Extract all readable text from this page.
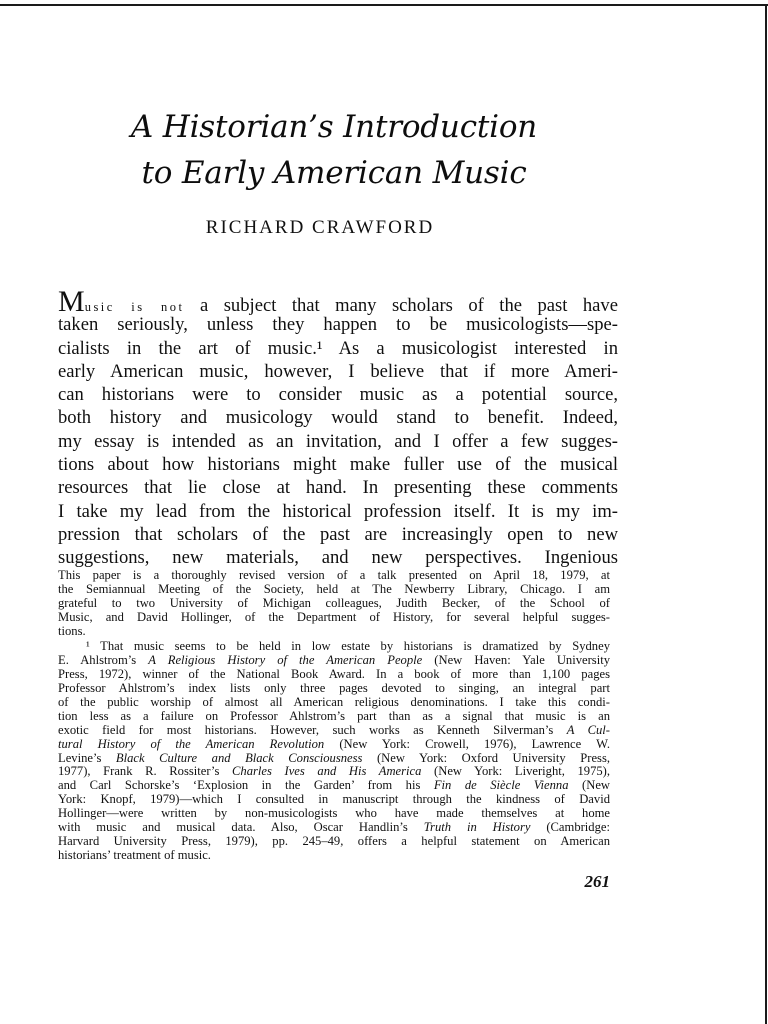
A Historian’s Introduction
to Early American Music
RICHARD CRAWFORD
Music is not a subject that many scholars of the past have
taken seriously, unless they happen to be musicologists—spe-
cialists in the art of music.¹ As a musicologist interested in
early American music, however, I believe that if more Ameri-
can historians were to consider music as a potential source,
both history and musicology would stand to benefit. Indeed,
my essay is intended as an invitation, and I offer a few sugges-
tions about how historians might make fuller use of the musical
resources that lie close at hand. In presenting these comments
I take my lead from the historical profession itself. It is my im-
pression that scholars of the past are increasingly open to new
suggestions, new materials, and new perspectives. Ingenious
This paper is a thoroughly revised version of a talk presented on April 18, 1979, at
the Semiannual Meeting of the Society, held at The Newberry Library, Chicago. I am
grateful to two University of Michigan colleagues, Judith Becker, of the School of
Music, and David Hollinger, of the Department of History, for several helpful sugges-
tions.
¹ That music seems to be held in low estate by historians is dramatized by Sydney
E. Ahlstrom’s A Religious History of the American People (New Haven: Yale University
Press, 1972), winner of the National Book Award. In a book of more than 1,100 pages
Professor Ahlstrom’s index lists only three pages devoted to singing, an integral part
of the public worship of almost all American religious denominations. I take this condi-
tion less as a failure on Professor Ahlstrom’s part than as a signal that music is an
exotic field for most historians. However, such works as Kenneth Silverman’s A Cul-
tural History of the American Revolution (New York: Crowell, 1976), Lawrence W.
Levine’s Black Culture and Black Consciousness (New York: Oxford University Press,
1977), Frank R. Rossiter’s Charles Ives and His America (New York: Liveright, 1975),
and Carl Schorske’s ‘Explosion in the Garden’ from his Fin de Siècle Vienna (New
York: Knopf, 1979)—which I consulted in manuscript through the kindness of David
Hollinger—were written by non-musicologists who have made themselves at home
with music and musical data. Also, Oscar Handlin’s Truth in History (Cambridge:
Harvard University Press, 1979), pp. 245–49, offers a helpful statement on American
historians’ treatment of music.
261
